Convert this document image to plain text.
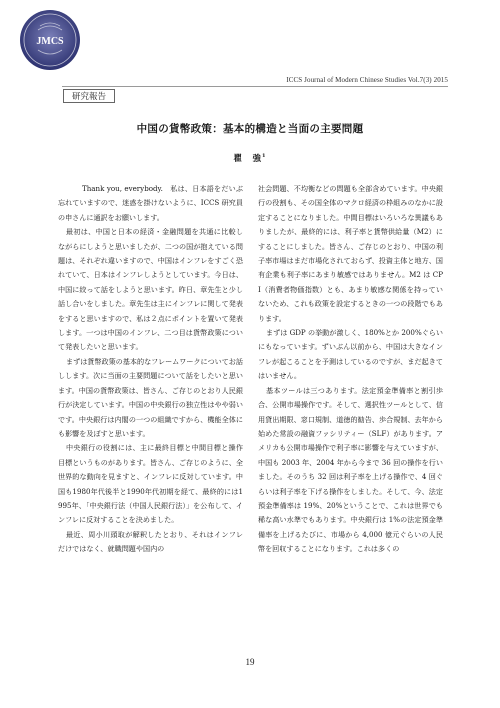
JMCS
ICCS Journal of Modern Chinese Studies Vol.7(3) 2015
研究報告
中国の貨幣政策：基本的構造と当面の主要問題
瞿　強$^1$

Thank you, everybody.　私は、日本語をだいぶ忘れていますので、迷惑を掛けないように、ICCS 研究員の申さんに通訳をお願いします。

最初は、中国と日本の経済・金融問題を共通に比較しながらにしようと思いましたが、二つの国が抱えている問題は、それぞれ違いますので、中国はインフレをすごく恐れていて、日本はインフレしようとしています。今日は、中国に絞って話をしようと思います。昨日、章先生と少し話し合いをしました。章先生は主にインフレに関して発表をすると思いますので、私は２点にポイントを置いて発表します。一つは中国のインフレ、二つ目は貨幣政策について発表したいと思います。

まずは貨幣政策の基本的なフレームワークについてお話しします。次に当面の主要問題について話をしたいと思います。中国の貨幣政策は、皆さん、ご存じのとおり人民銀行が決定しています。中国の中央銀行の独立性はやや弱いです。中央銀行は内閣の一つの組織ですから、機能全体にも影響を及ぼすと思います。

中央銀行の役割には、主に最終目標と中間目標と操作目標というものがあります。皆さん、ご存じのように、全世界的な動向を見ますと、インフレに反対しています。中国も1980年代後半と1990年代初期を経て、最終的には1995年、「中央銀行法（中国人民銀行法）」を公布して、インフレに反対することを決めました。

最近、周小川頭取が解釈したとおり、それはインフレだけではなく、就職問題や国内の

社会問題、不均衡などの問題も全部含めています。中央銀行の役割も、その国全体のマクロ経済の枠組みのなかに設定することになりました。中間目標はいろいろな異議もありましたが、最終的には、利子率と貨幣供給量（M2）にすることにしました。皆さん、ご存じのとおり、中国の利子率市場はまだ市場化されておらず、投資主体と地方、国有企業も利子率にあまり敏感ではありません。M2 は CPI（消費者物価指数）とも、あまり敏感な関係を持っていないため、これも政策を設定するときの一つの段階でもあります。

まずは GDP の挙動が激しく、180%とか 200%ぐらいにもなっています。ずいぶん以前から、中国は大きなインフレが起こることを予測はしているのですが、まだ起きてはいません。

基本ツールは三つあります。法定預金準備率と割引歩合、公開市場操作です。そして、選択性ツールとして、信用貸出期限、窓口規制、道徳的勧告、歩合規制、去年から始めた常設の融資ファシリティー（SLF）があります。アメリカも公開市場操作で利子率に影響を与えていますが、中国も 2003 年、2004 年から今まで 36 回の操作を行いました。そのうち 32 回は利子率を上げる操作で、4 回ぐらいは利子率を下げる操作をしました。そして、今、法定預金準備率は 19%、20%ということで、これは世界でも稀な高い水準でもあります。中央銀行は 1%の法定預金準備率を上げるたびに、市場から 4,000 億元ぐらいの人民幣を回収することになります。これは多くの

19
